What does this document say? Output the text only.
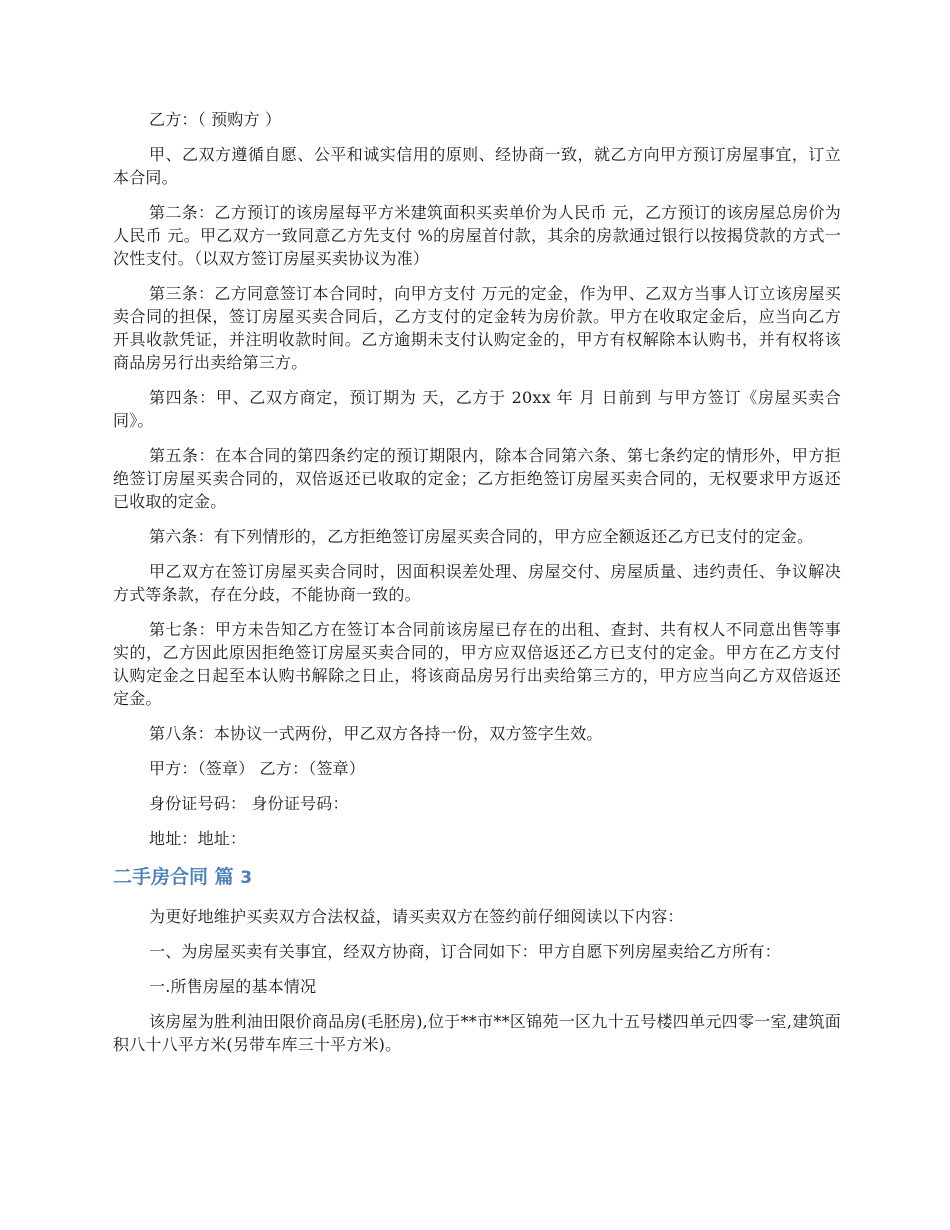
乙方：（ 预购方 ）

甲、乙双方遵循自愿、公平和诚实信用的原则、经协商一致，就乙方向甲方预订房屋事宜，订立本合同。

第二条：乙方预订的该房屋每平方米建筑面积买卖单价为人民币 元，乙方预订的该房屋总房价为人民币 元。甲乙双方一致同意乙方先支付 %的房屋首付款，其余的房款通过银行以按揭贷款的方式一次性支付。（以双方签订房屋买卖协议为准）

第三条：乙方同意签订本合同时，向甲方支付 万元的定金，作为甲、乙双方当事人订立该房屋买卖合同的担保，签订房屋买卖合同后，乙方支付的定金转为房价款。甲方在收取定金后，应当向乙方开具收款凭证，并注明收款时间。乙方逾期未支付认购定金的，甲方有权解除本认购书，并有权将该商品房另行出卖给第三方。

第四条：甲、乙双方商定，预订期为 天，乙方于 20xx 年 月 日前到 与甲方签订《房屋买卖合同》。

第五条：在本合同的第四条约定的预订期限内，除本合同第六条、第七条约定的情形外，甲方拒绝签订房屋买卖合同的，双倍返还已收取的定金；乙方拒绝签订房屋买卖合同的，无权要求甲方返还已收取的定金。

第六条：有下列情形的，乙方拒绝签订房屋买卖合同的，甲方应全额返还乙方已支付的定金。

甲乙双方在签订房屋买卖合同时，因面积误差处理、房屋交付、房屋质量、违约责任、争议解决方式等条款，存在分歧，不能协商一致的。

第七条：甲方未告知乙方在签订本合同前该房屋已存在的出租、查封、共有权人不同意出售等事实的，乙方因此原因拒绝签订房屋买卖合同的，甲方应双倍返还乙方已支付的定金。甲方在乙方支付认购定金之日起至本认购书解除之日止，将该商品房另行出卖给第三方的，甲方应当向乙方双倍返还定金。

第八条：本协议一式两份，甲乙双方各持一份，双方签字生效。

甲方：（签章） 乙方：（签章）

身份证号码： 身份证号码：

地址：地址：

二手房合同 篇 3

为更好地维护买卖双方合法权益，请买卖双方在签约前仔细阅读以下内容：

一、为房屋买卖有关事宜，经双方协商，订合同如下：甲方自愿下列房屋卖给乙方所有：

一.所售房屋的基本情况

该房屋为胜利油田限价商品房(毛胚房),位于**市**区锦苑一区九十五号楼四单元四零一室,建筑面积八十八平方米(另带车库三十平方米)。
